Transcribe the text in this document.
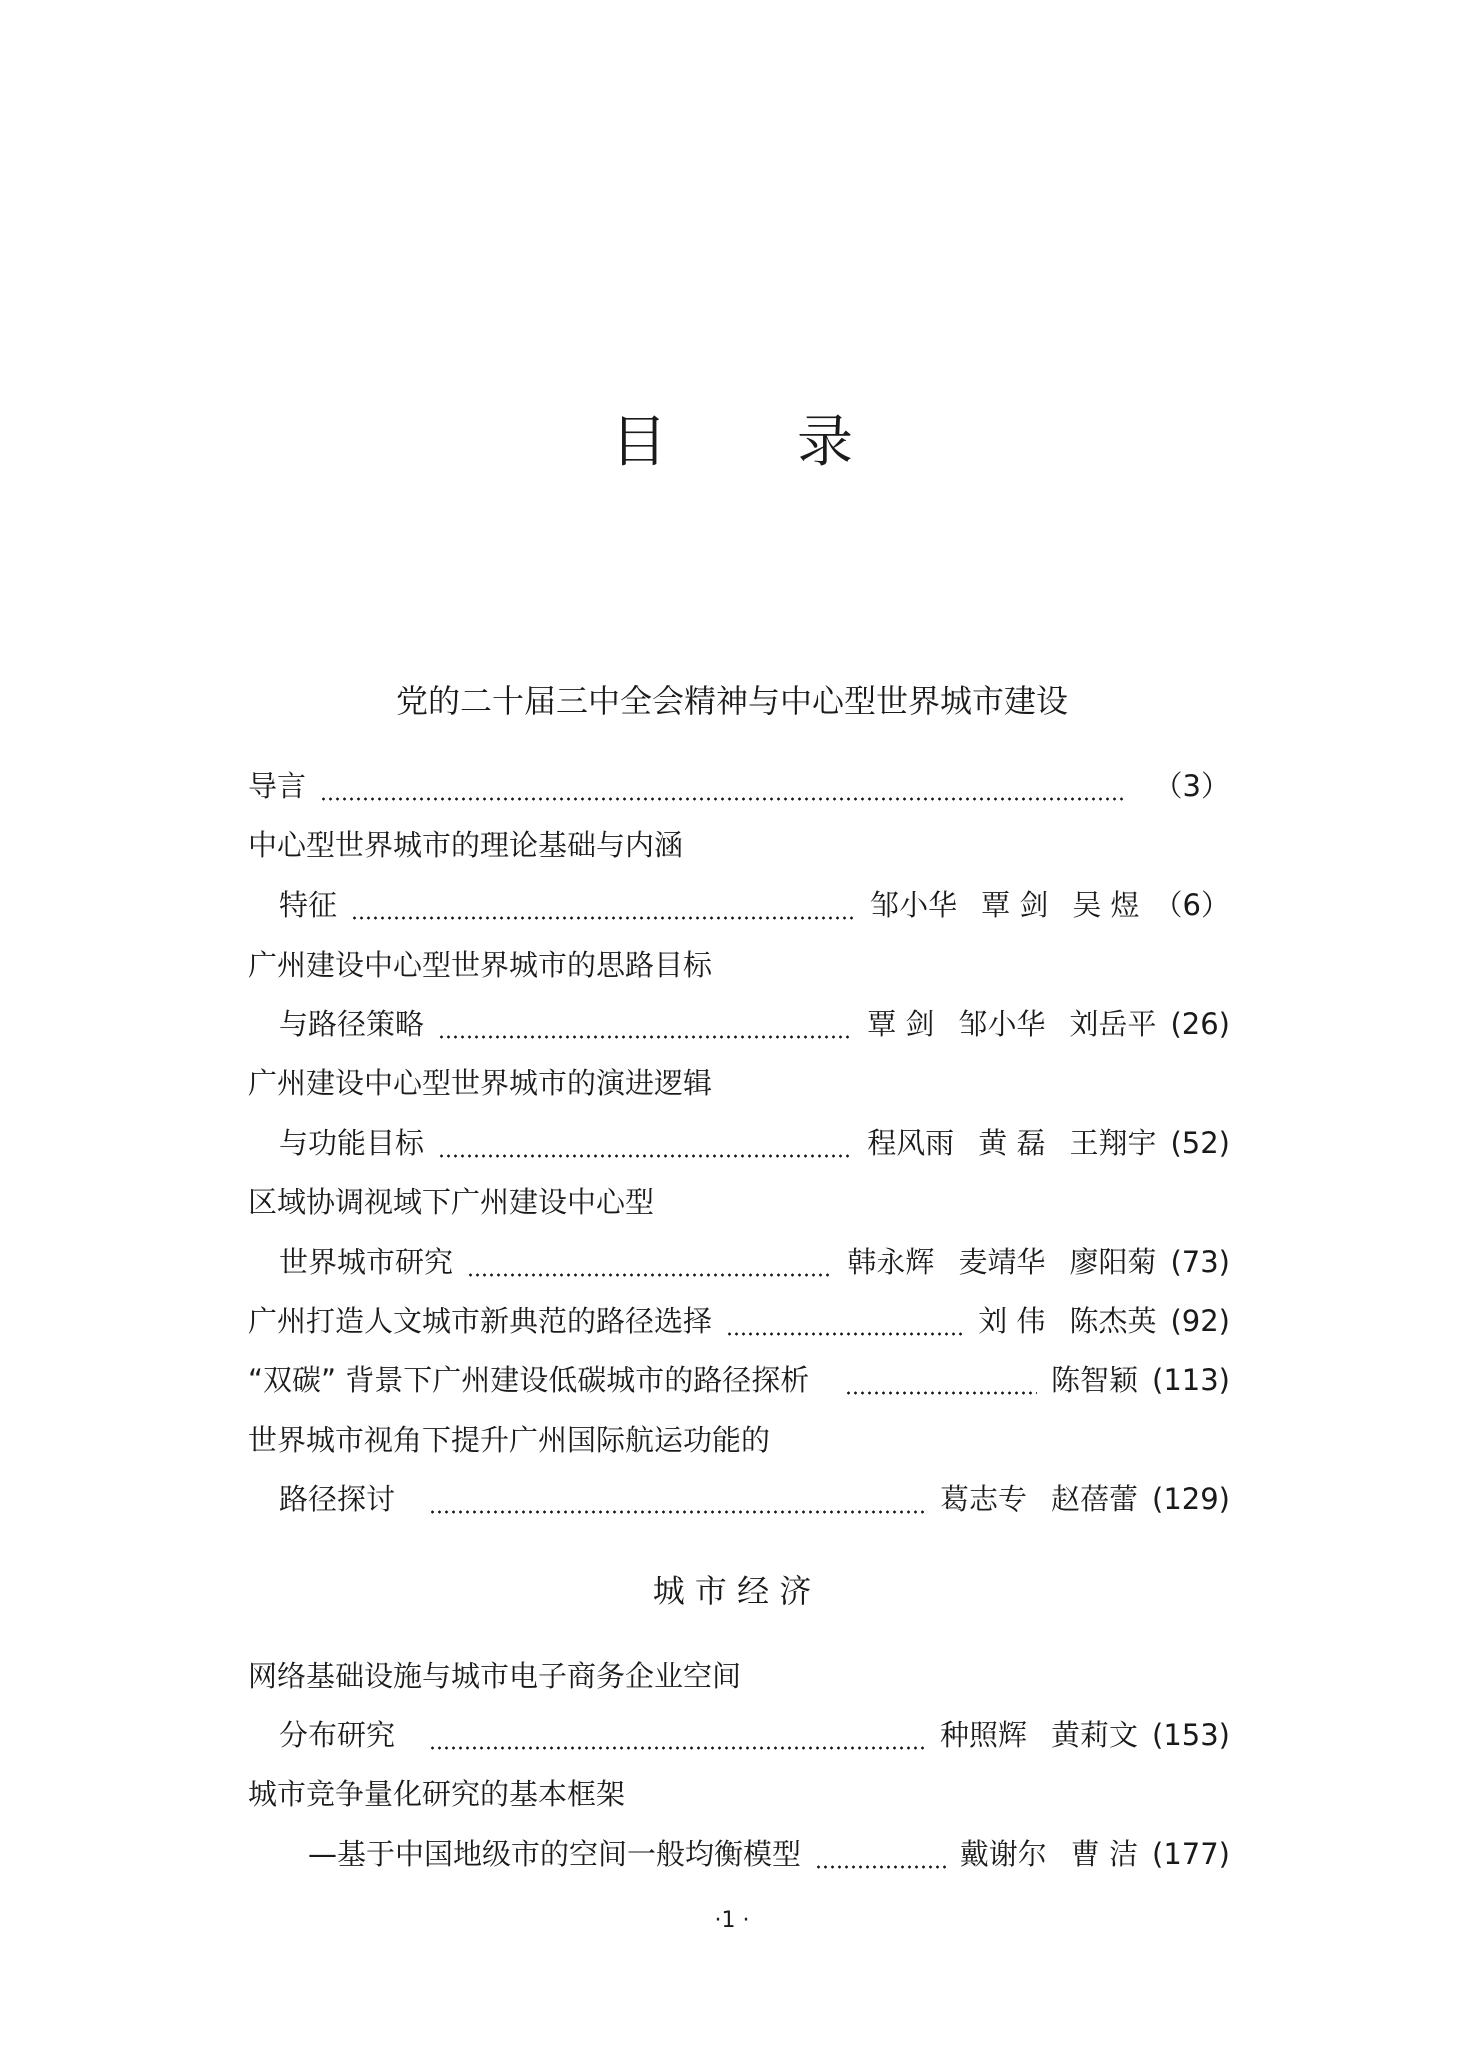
目 录
党的二十届三中全会精神与中心型世界城市建设
导言	（3）
中心型世界城市的理论基础与内涵
特征	邹小华 覃 剑 吴 煜 （6）
广州建设中心型世界城市的思路目标
与路径策略	覃 剑 邹小华 刘岳平 (26)
广州建设中心型世界城市的演进逻辑
与功能目标	程风雨 黄 磊 王翔宇 (52)
区域协调视域下广州建设中心型
世界城市研究	韩永辉 麦靖华 廖阳菊 (73)
广州打造人文城市新典范的路径选择	刘 伟 陈杰英 (92)
“双碳” 背景下广州建设低碳城市的路径探析	陈智颖 (113)
世界城市视角下提升广州国际航运功能的
路径探讨	葛志专 赵蓓蕾 (129)
城 市 经 济
网络基础设施与城市电子商务企业空间
分布研究	种照辉 黄莉文 (153)
城市竞争量化研究的基本框架
—基于中国地级市的空间一般均衡模型	戴谢尔 曹 洁 (177)
·1 ·
